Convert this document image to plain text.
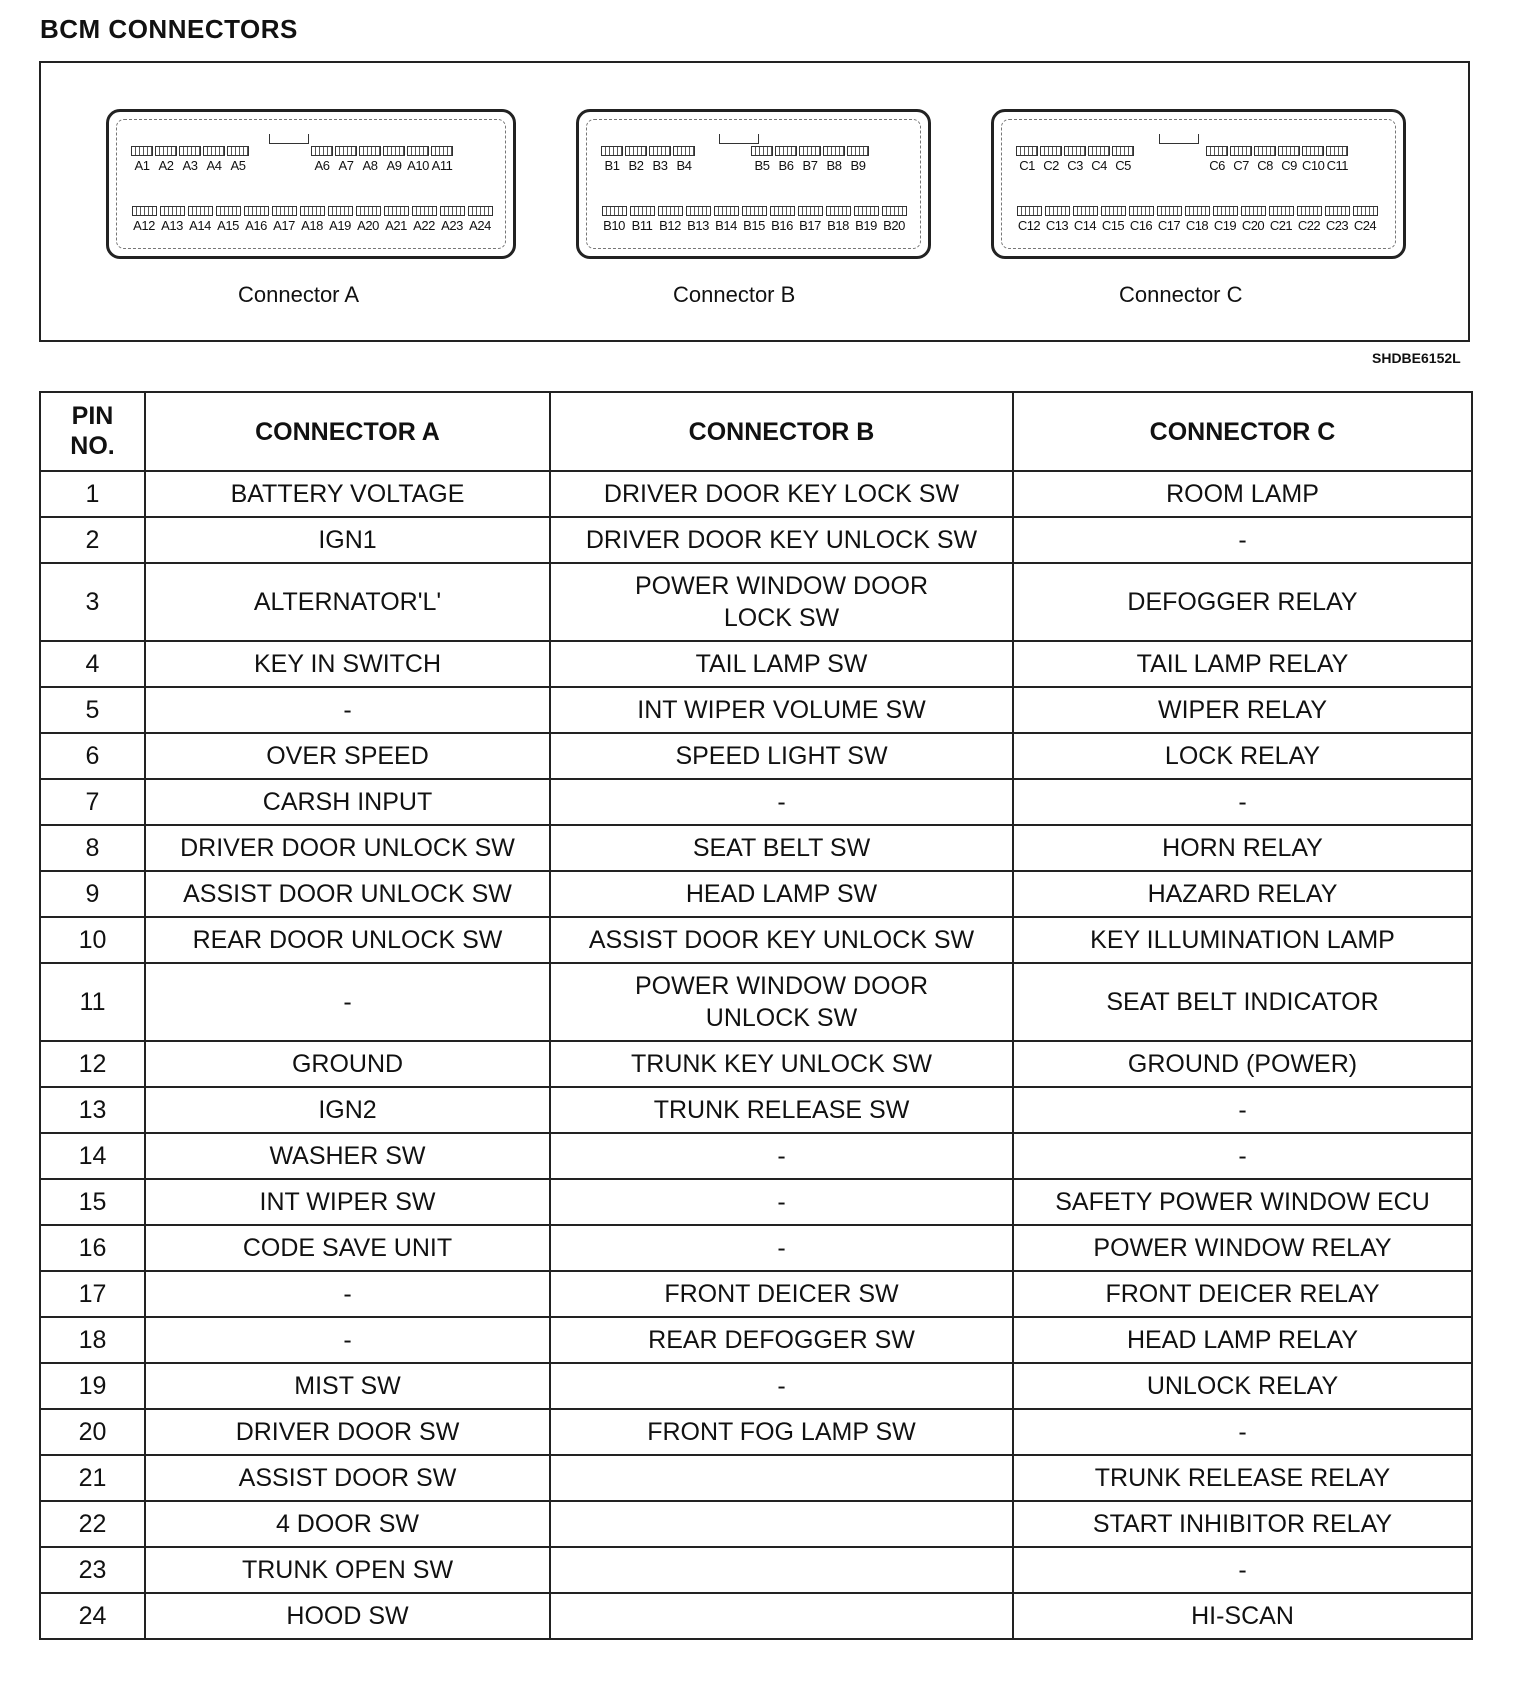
BCM CONNECTORS
A1 A2 A3 A4 A5	A6 A7 A8 A9 A10 A11
A12 A13 A14 A15 A16 A17 A18 A19 A20 A21 A22 A23 A24
B1 B2 B3 B4	B5 B6 B7 B8 B9
B10 B11 B12 B13 B14 B15 B16 B17 B18 B19 B20
C1 C2 C3 C4 C5	C6 C7 C8 C9 C10 C11
C12 C13 C14 C15 C16 C17 C18 C19 C20 C21 C22 C23 C24
Connector A	Connector B	Connector C
SHDBE6152L
PIN NO.	CONNECTOR A	CONNECTOR B	CONNECTOR C
1	BATTERY VOLTAGE	DRIVER DOOR KEY LOCK SW	ROOM LAMP
2	IGN1	DRIVER DOOR KEY UNLOCK SW	-
3	ALTERNATOR'L'	POWER WINDOW DOOR LOCK SW	DEFOGGER RELAY
4	KEY IN SWITCH	TAIL LAMP SW	TAIL LAMP RELAY
5	-	INT WIPER VOLUME SW	WIPER RELAY
6	OVER SPEED	SPEED LIGHT SW	LOCK RELAY
7	CARSH INPUT	-	-
8	DRIVER DOOR UNLOCK SW	SEAT BELT SW	HORN RELAY
9	ASSIST DOOR UNLOCK SW	HEAD LAMP SW	HAZARD RELAY
10	REAR DOOR UNLOCK SW	ASSIST DOOR KEY UNLOCK SW	KEY ILLUMINATION LAMP
11	-	POWER WINDOW DOOR UNLOCK SW	SEAT BELT INDICATOR
12	GROUND	TRUNK KEY UNLOCK SW	GROUND (POWER)
13	IGN2	TRUNK RELEASE SW	-
14	WASHER SW	-	-
15	INT WIPER SW	-	SAFETY POWER WINDOW ECU
16	CODE SAVE UNIT	-	POWER WINDOW RELAY
17	-	FRONT DEICER SW	FRONT DEICER RELAY
18	-	REAR DEFOGGER SW	HEAD LAMP RELAY
19	MIST SW	-	UNLOCK RELAY
20	DRIVER DOOR SW	FRONT FOG LAMP SW	-
21	ASSIST DOOR SW		TRUNK RELEASE RELAY
22	4 DOOR SW		START INHIBITOR RELAY
23	TRUNK OPEN SW		-
24	HOOD SW		HI-SCAN
